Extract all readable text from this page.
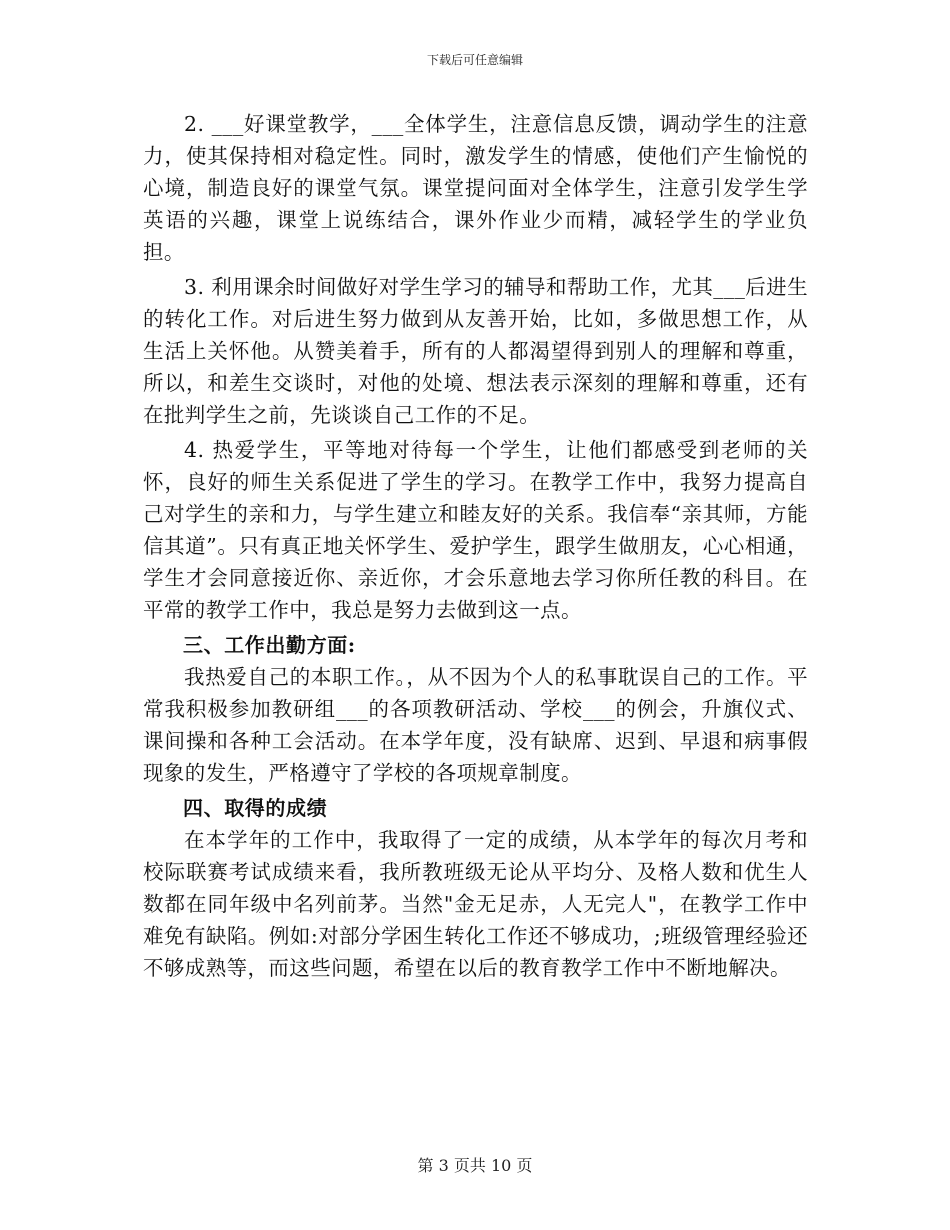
下载后可任意编辑

2. ___好课堂教学，___全体学生，注意信息反馈，调动学生的注意力，使其保持相对稳定性。同时，激发学生的情感，使他们产生愉悦的心境，制造良好的课堂气氛。课堂提问面对全体学生，注意引发学生学英语的兴趣，课堂上说练结合，课外作业少而精，减轻学生的学业负担。

3. 利用课余时间做好对学生学习的辅导和帮助工作，尤其___后进生的转化工作。对后进生努力做到从友善开始，比如，多做思想工作，从生活上关怀他。从赞美着手，所有的人都渴望得到别人的理解和尊重，所以，和差生交谈时，对他的处境、想法表示深刻的理解和尊重，还有在批判学生之前，先谈谈自己工作的不足。

4. 热爱学生，平等地对待每一个学生，让他们都感受到老师的关怀，良好的师生关系促进了学生的学习。在教学工作中，我努力提高自己对学生的亲和力，与学生建立和睦友好的关系。我信奉“亲其师，方能信其道”。只有真正地关怀学生、爱护学生，跟学生做朋友，心心相通，学生才会同意接近你、亲近你，才会乐意地去学习你所任教的科目。在平常的教学工作中，我总是努力去做到这一点。

三、工作出勤方面:

我热爱自己的本职工作。，从不因为个人的私事耽误自己的工作。平常我积极参加教研组___的各项教研活动、学校___的例会，升旗仪式、课间操和各种工会活动。在本学年度，没有缺席、迟到、早退和病事假现象的发生，严格遵守了学校的各项规章制度。

四、取得的成绩

在本学年的工作中，我取得了一定的成绩，从本学年的每次月考和校际联赛考试成绩来看，我所教班级无论从平均分、及格人数和优生人数都在同年级中名列前茅。当然"金无足赤，人无完人"，在教学工作中难免有缺陷。例如:对部分学困生转化工作还不够成功，;班级管理经验还不够成熟等，而这些问题，希望在以后的教育教学工作中不断地解决。

第 3 页共 10 页
